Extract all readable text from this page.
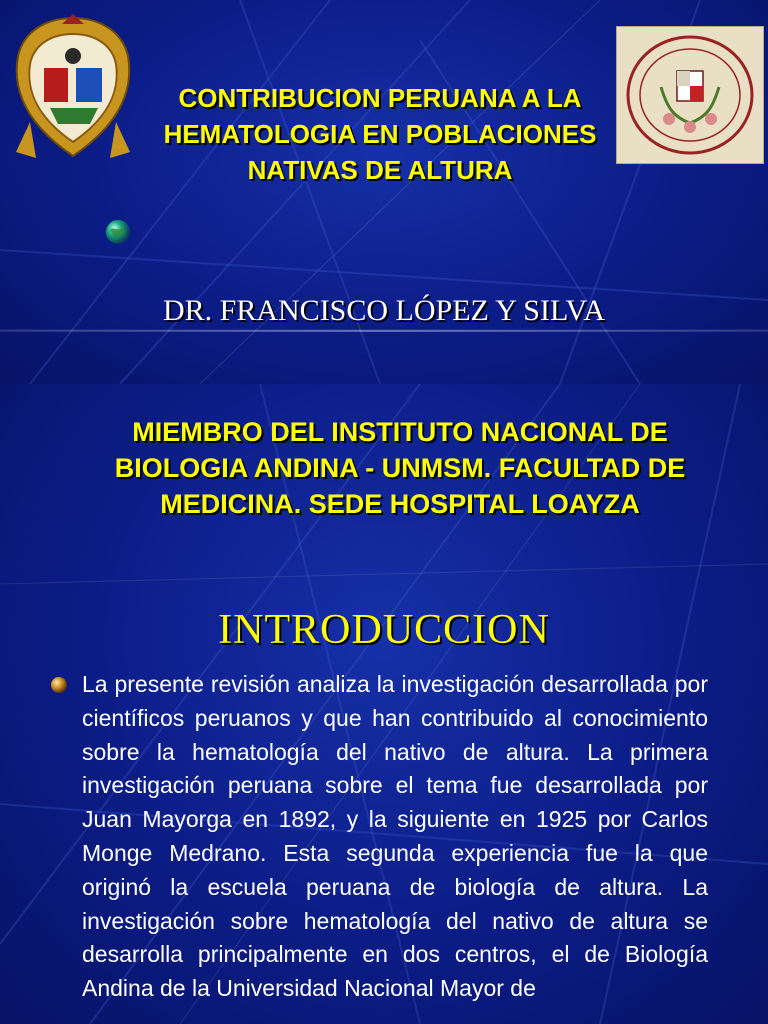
CONTRIBUCION PERUANA A LA HEMATOLOGIA EN POBLACIONES NATIVAS DE ALTURA
DR. FRANCISCO LÓPEZ Y SILVA
MIEMBRO DEL INSTITUTO NACIONAL DE BIOLOGIA ANDINA - UNMSM. FACULTAD DE MEDICINA. SEDE HOSPITAL LOAYZA
INTRODUCCION
La presente revisión analiza la investigación desarrollada por científicos peruanos y que han contribuido al conocimiento sobre la hematología del nativo de altura. La primera investigación peruana sobre el tema fue desarrollada por Juan Mayorga en 1892, y la siguiente en 1925 por Carlos Monge Medrano. Esta segunda experiencia fue la que originó la escuela peruana de biología de altura. La investigación sobre hematología del nativo de altura se desarrolla principalmente en dos centros, el de Biología Andina de la Universidad Nacional Mayor de
